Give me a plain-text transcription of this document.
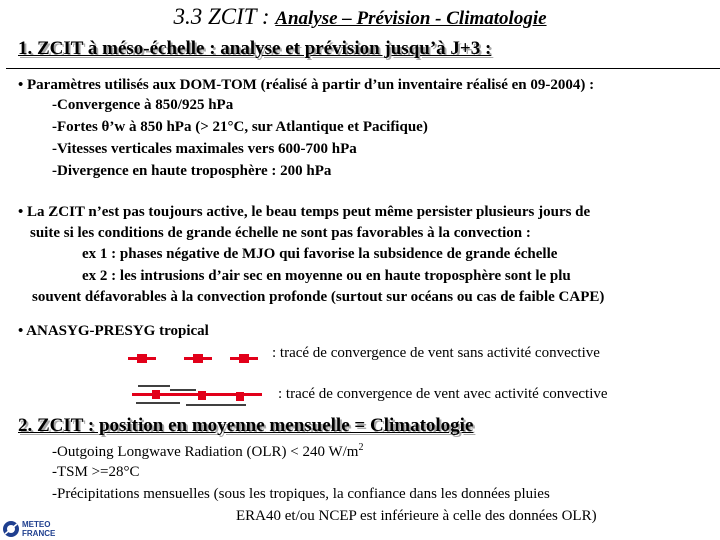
3.3 ZCIT : Analyse – Prévision - Climatologie
1. ZCIT à méso-échelle : analyse et prévision jusqu’à J+3 :
• Paramètres utilisés aux DOM-TOM (réalisé à partir d’un inventaire réalisé en 09-2004) :
-Convergence à 850/925 hPa
-Fortes θ’w à 850 hPa (> 21°C, sur Atlantique et Pacifique)
-Vitesses verticales maximales vers 600-700 hPa
-Divergence en haute troposphère : 200 hPa
• La ZCIT n’est pas toujours active, le beau temps peut même persister plusieurs jours de
suite si les conditions de grande échelle ne sont pas favorables à la convection :
ex 1 : phases négative de MJO qui favorise la subsidence de grande échelle
ex 2 : les intrusions d’air sec en moyenne ou en haute troposphère sont le plu
souvent défavorables à la convection profonde (surtout sur océans ou cas de faible CAPE)
• ANASYG-PRESYG tropical
: tracé de convergence de vent sans activité convective
: tracé de convergence de vent avec activité convective
2. ZCIT : position en moyenne mensuelle = Climatologie
-Outgoing Longwave Radiation (OLR) < 240 $W/m^2$
-TSM >=28°C
-Précipitations mensuelles (sous les tropiques, la confiance dans les données pluies
ERA40 et/ou NCEP est inférieure à celle des données OLR)
METEO
FRANCE
